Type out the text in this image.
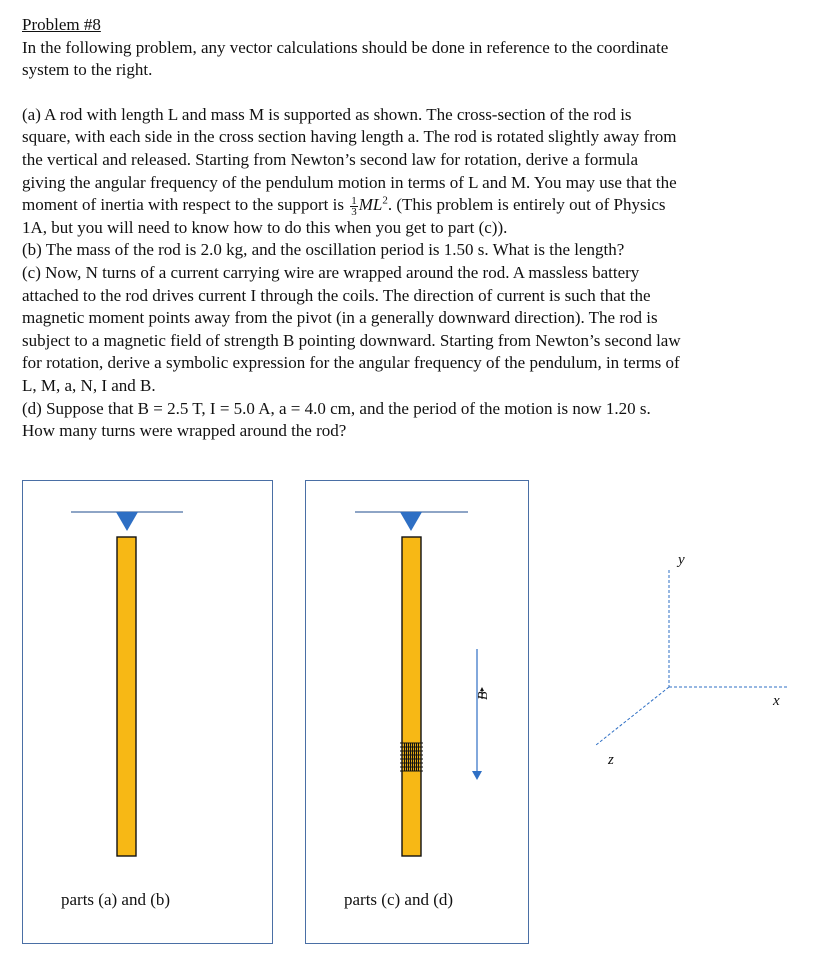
Problem #8
In the following problem, any vector calculations should be done in reference to the coordinate
system to the right.
(a) A rod with length L and mass M is supported as shown. The cross-section of the rod is
square, with each side in the cross section having length a. The rod is rotated slightly away from
the vertical and released. Starting from Newton’s second law for rotation, derive a formula
giving the angular frequency of the pendulum motion in terms of L and M. You may use that the
moment of inertia with respect to the support is $\frac{1}{3} ML^2$. (This problem is entirely out of Physics
1A, but you will need to know how to do this when you get to part (c)).
(b) The mass of the rod is 2.0 kg, and the oscillation period is 1.50 s. What is the length?
(c) Now, N turns of a current carrying wire are wrapped around the rod. A massless battery
attached to the rod drives current I through the coils. The direction of current is such that the
magnetic moment points away from the pivot (in a generally downward direction). The rod is
subject to a magnetic field of strength B pointing downward. Starting from Newton’s second law
for rotation, derive a symbolic expression for the angular frequency of the pendulum, in terms of
L, M, a, N, I and B.
(d) Suppose that B = 2.5 T, I = 5.0 A, a = 4.0 cm, and the period of the motion is now 1.20 s.
How many turns were wrapped around the rod?
parts (a) and (b)
B
parts (c) and (d)
y
x
z
